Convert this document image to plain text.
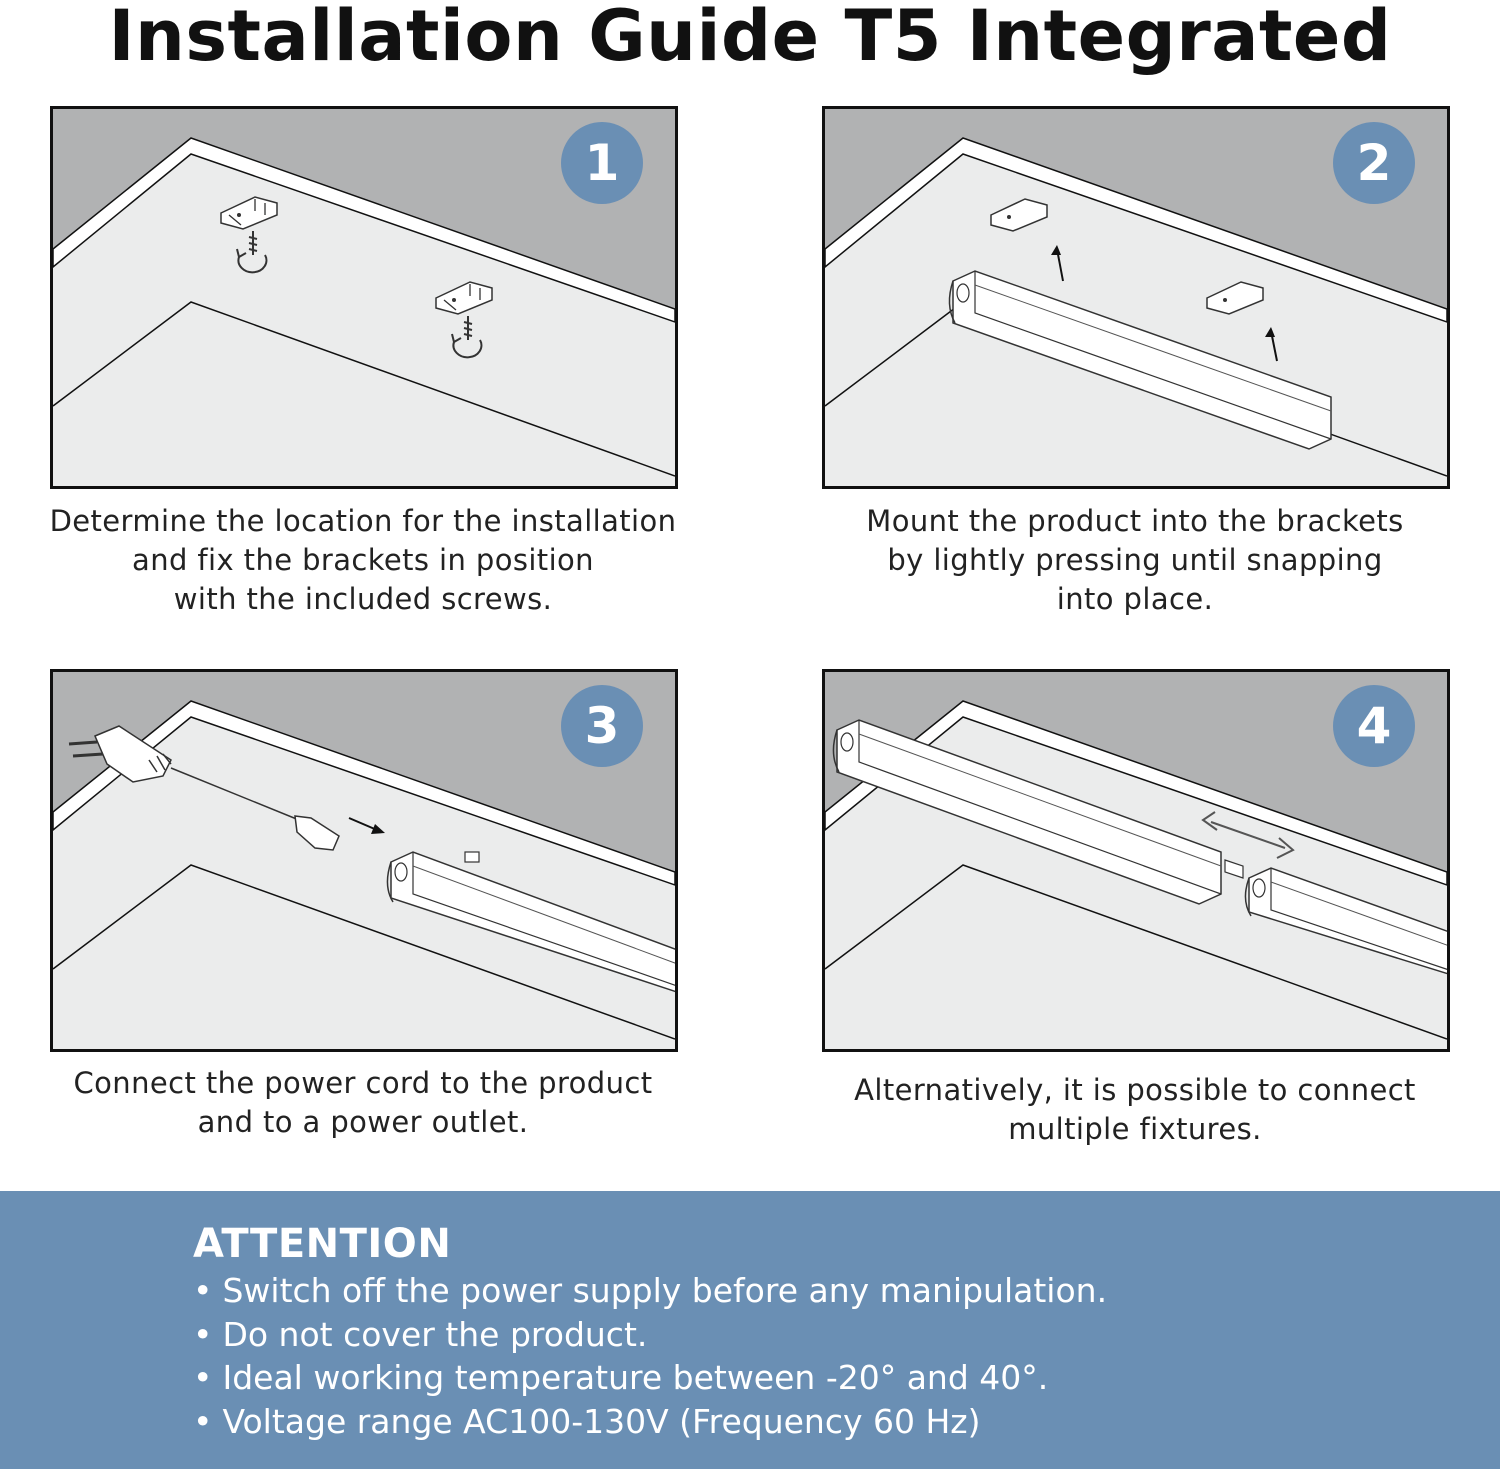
Installation Guide T5 Integrated
1
Determine the location for the installation
and fix the brackets in position
with the included screws.
2
Mount the product into the brackets
by lightly pressing until snapping
into place.
3
Connect the power cord to the product
and to a power outlet.
4
Alternatively, it is possible to connect
multiple fixtures.
ATTENTION
• Switch off the power supply before any manipulation.
• Do not cover the product.
• Ideal working temperature between -20° and 40°.
• Voltage range AC100-130V (Frequency 60 Hz)
